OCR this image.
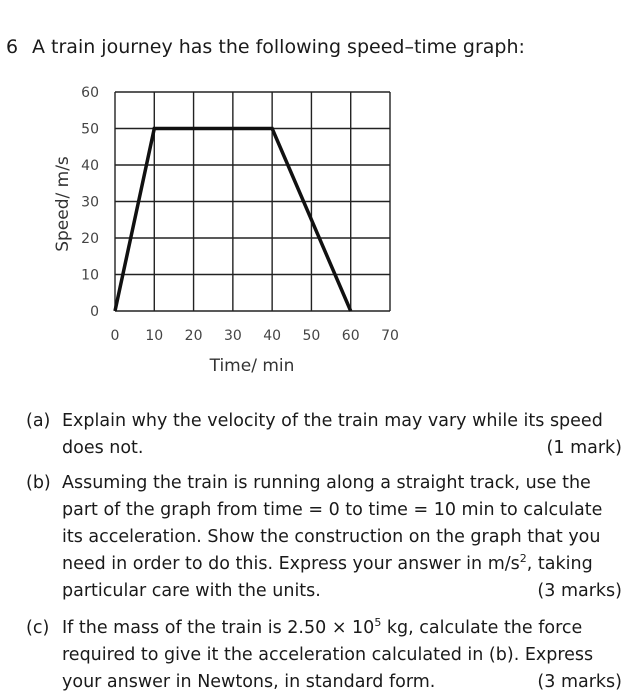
6 A train journey has the following speed–time graph:
0 10 20 30 40 50 60 70
0
10
20
30
40
50
60
Time/ min
Speed/ m/s
(a) Explain why the velocity of the train may vary while its speed does not.	(1 mark)
(b) Assuming the train is running along a straight track, use the part of the graph from time = 0 to time = 10 min to calculate its acceleration. Show the construction on the graph that you need in order to do this. Express your answer in $m/s^2$, taking particular care with the units.	(3 marks)
(c) If the mass of the train is $2.50 \times 10^5$ kg, calculate the force required to give it the acceleration calculated in (b). Express your answer in Newtons, in standard form.	(3 marks)
